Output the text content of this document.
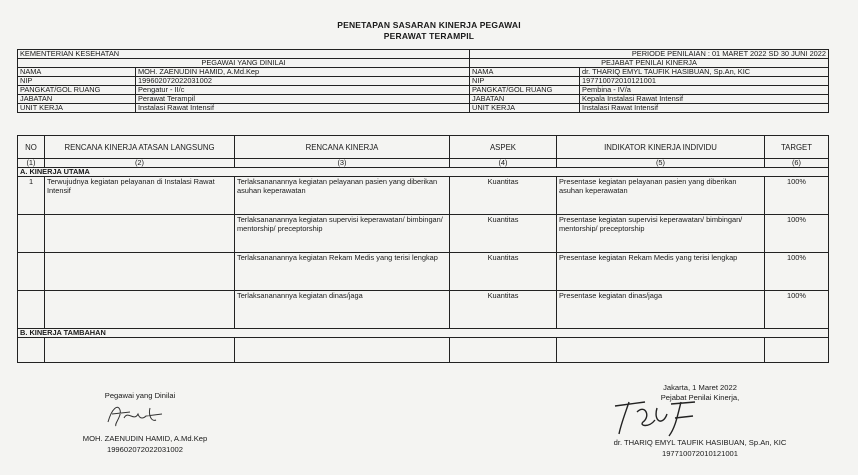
PENETAPAN SASARAN KINERJA PEGAWAI
PERAWAT TERAMPIL
KEMENTERIAN KESEHATAN		PERIODE PENILAIAN : 01 MARET 2022 SD 30 JUNI 2022	
PEGAWAI YANG DINILAI		PEJABAT PENILAI KINERJA	
NAMA	MOH. ZAENUDIN HAMID, A.Md.Kep	NAMA	dr. THARIQ EMYL TAUFIK HASIBUAN, Sp.An, KIC
NIP	199602072022031002	NIP	197710072010121001
PANGKAT/GOL RUANG	Pengatur - II/c	PANGKAT/GOL RUANG	Pembina - IV/a
JABATAN	Perawat Terampil	JABATAN	Kepala Instalasi Rawat Intensif
UNIT KERJA	Instalasi Rawat Intensif	UNIT KERJA	Instalasi Rawat Intensif
NO	RENCANA KINERJA ATASAN LANGSUNG	RENCANA KINERJA	ASPEK	INDIKATOR KINERJA INDIVIDU	TARGET
(1)	(2)	(3)	(4)	(5)	(6)
A. KINERJA UTAMA					
1	Terwujudnya kegiatan pelayanan di Instalasi Rawat Intensif	Terlaksananannya kegiatan pelayanan pasien yang diberikan asuhan keperawatan	Kuantitas	Presentase kegiatan pelayanan pasien yang diberikan asuhan keperawatan	100%
		Terlaksananannya kegiatan supervisi keperawatan/ bimbingan/ mentorship/ preceptorship	Kuantitas	Presentase kegiatan supervisi keperawatan/ bimbingan/ mentorship/ preceptorship	100%
		Terlaksananannya kegiatan Rekam Medis yang terisi lengkap	Kuantitas	Presentase kegiatan Rekam Medis yang terisi lengkap	100%
		Terlaksananannya kegiatan dinas/jaga	Kuantitas	Presentase kegiatan dinas/jaga	100%
B. KINERJA TAMBAHAN					

Pegawai yang Dinilai
MOH. ZAENUDIN HAMID, A.Md.Kep
199602072022031002
Jakarta, 1 Maret 2022
Pejabat Penilai Kinerja,
dr. THARIQ EMYL TAUFIK HASIBUAN, Sp.An, KIC
197710072010121001
